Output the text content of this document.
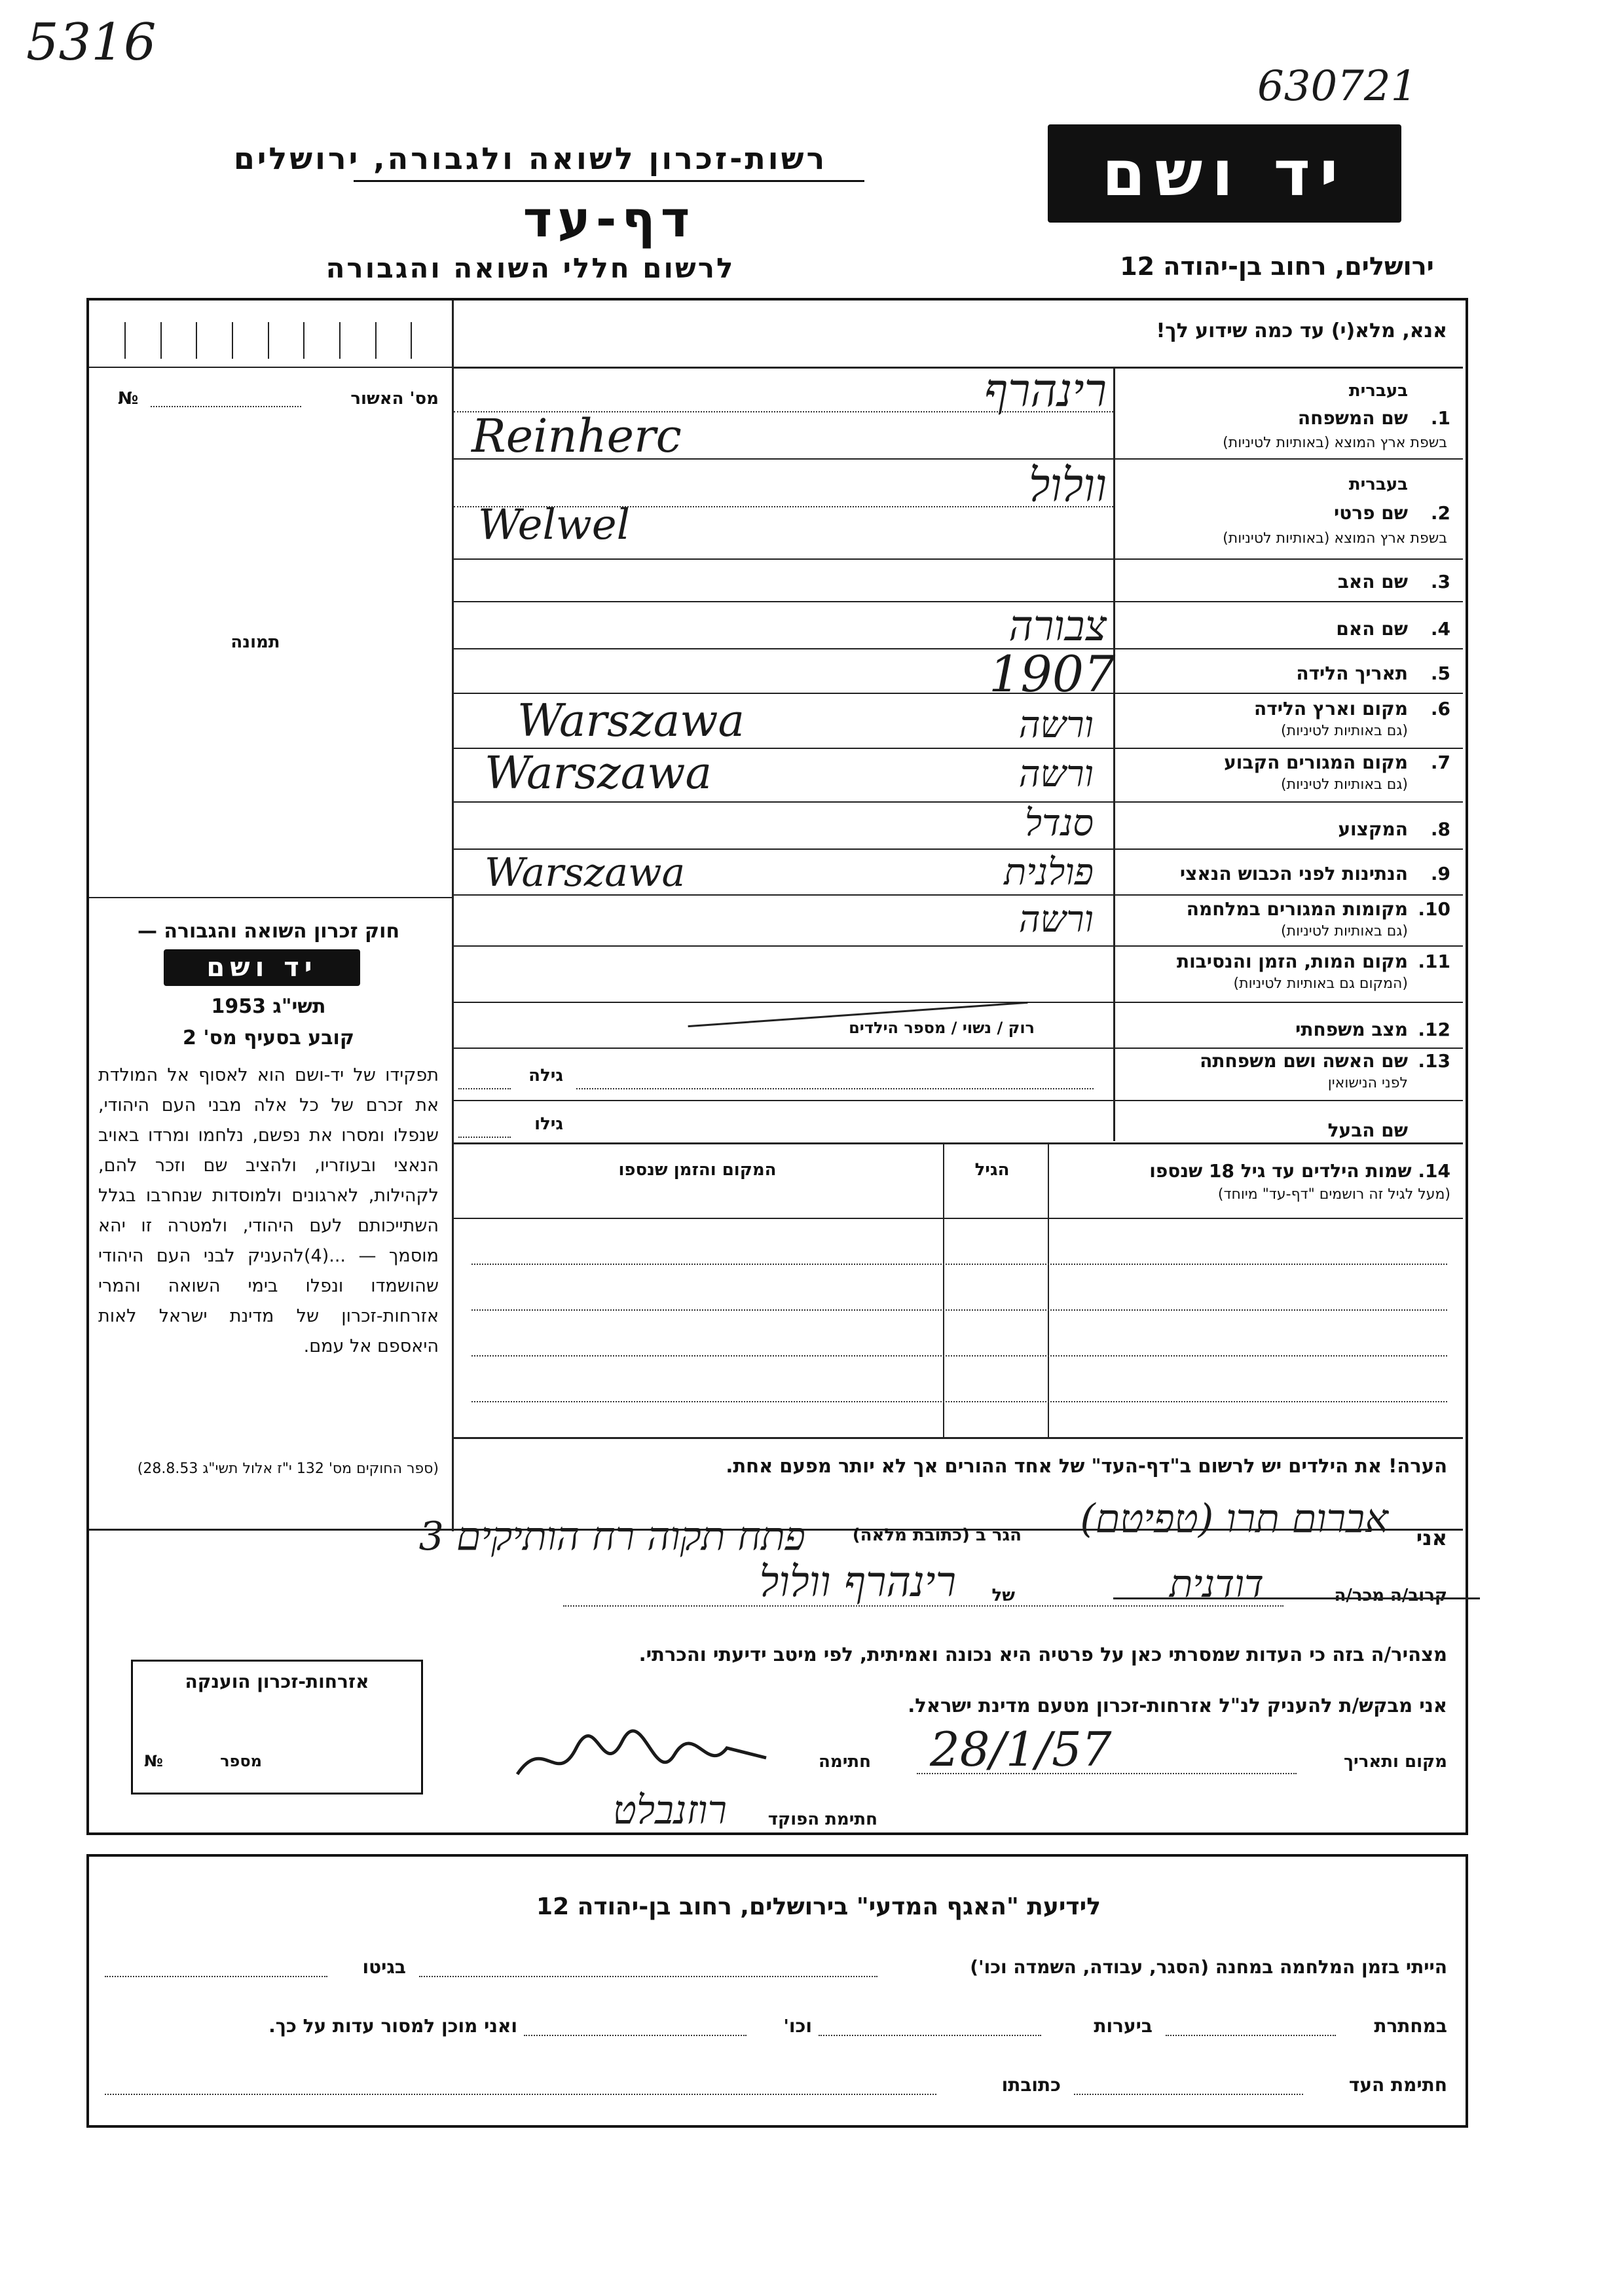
5316
630721
רשות-זכרון לשואה ולגבורה, ירושלים
דף-עד
לרשום חללי השואה והגבורה
יד ושם
ירושלים, רחוב בן-יהודה 12
אנא, מלא(י) עד כמה שידוע לך!
מס' האשור
№
תמונה
חוק זכרון השואה והגבורה —
יד ושם
תשי"ג 1953
קובע בסעיף מס' 2
תפקידו של יד-ושם הוא לאסוף אל המולדת את זכרם של כל אלה מבני העם היהודי, שנפלו ומסרו את נפשם, נלחמו ומרדו באויב הנאצי ובעוזריו, ולהציב שם וזכר להם, לקהילות, לארגונים ולמוסדות שנחרבו בגלל השתייכותם לעם היהודי, ולמטרה זו יהא מוסמך — ...(4)להעניק לבני העם היהודי שהושמדו ונפלו בימי השואה והמרי אזרחות-זכרון של מדינת ישראל לאות היאספם אל עמם.
(ספר החוקים מס' 132 י"ז אלול תשי"ג 28.8.53)
בעברית
שם המשפחה	1.
בשפת ארץ המוצא (באותיות לטיניות)
רינהרף
Reinherc
בעברית
שם פרטי	2.
בשפת ארץ המוצא (באותיות לטיניות)
וולול
Welwel
שם האב	3.
שם האם	4.
צבורה
תאריך הלידה	5.
1907
מקום וארץ הלידה	6.
(גם באותיות לטיניות)
Warszawa	ורשה
מקום המגורים הקבוע	7.
(גם באותיות לטיניות)
Warszawa	ורשה
המקצוע	8.
סנדל
הנתינות לפני הכבוש הנאצי	9.
Warszawa	פולנית
מקומות המגורים במלחמה 10.
(גם באותיות לטיניות)
ורשה
מקום המות, הזמן והנסיבות 11.
(המקום גם באותיות לטיניות)
מצב משפחתי 12.
רוק / נשוי / מספר הילדים
שם האשה ושם משפחתה 13.
לפני הנישואין
גילה
שם הבעל
גילו
14. שמות הילדים עד גיל 18 שנספו
(מעל לגיל זה רושמים "דף-עד" מיוחד)
הגיל
המקום והזמן שנספו
הערה! את הילדים יש לרשום ב"דף-העד" של אחד ההורים אך לא יותר מפעם אחת.
אני
אברום תרו (טפיטם)
הגר ב (כתובת מלאה)
פתח תקוה רח הותיקים 3
קרוב/ה מכר/ה
דודנית
של
רינהרף וולול
מצהיר/ה בזה כי העדות שמסרתי כאן על פרטיה היא נכונה ואמיתית, לפי מיטב ידיעתי והכרתי.
אני מבקש/ת להעניק לנ"ל אזרחות-זכרון מטעם מדינת ישראל.
מקום ותאריך
28/1/57
חתימה
חתימת הפוקד
רוזנבלט
אזרחות-זכרון הוענקה
מספר
№
לידיעת "האגף המדעי" בירושלים, רחוב בן-יהודה 12
הייתי בזמן המלחמה במחנה (הסגר, עבודה, השמדה וכו')
בגיטו
במחתרת
ביערות
וכו'
ואני מוכן למסור עדות על כך.
חתימת העד
כתובתו
